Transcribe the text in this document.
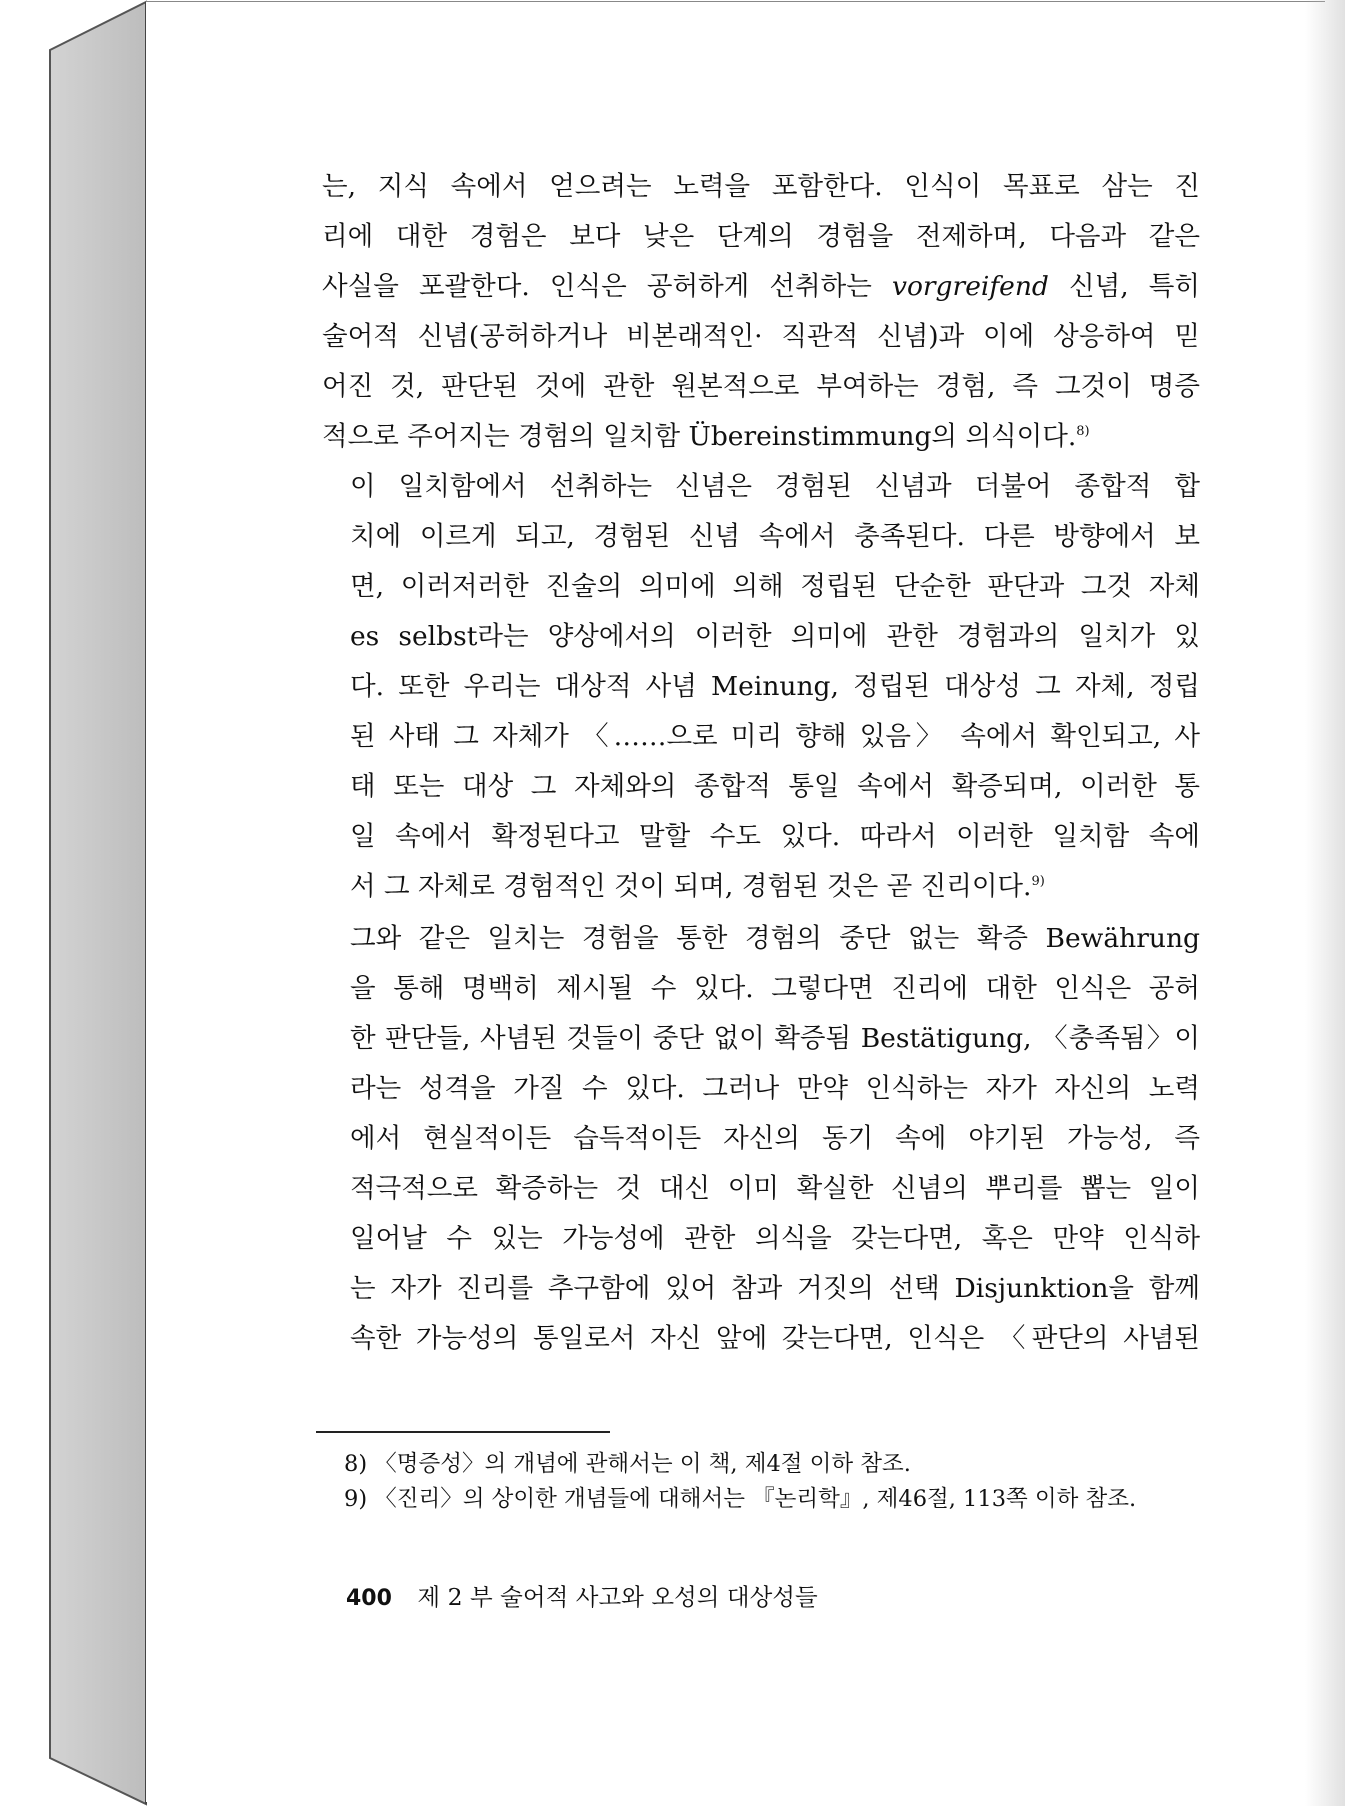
는, 지식 속에서 얻으려는 노력을 포함한다. 인식이 목표로 삼는 진
리에 대한 경험은 보다 낮은 단계의 경험을 전제하며, 다음과 같은
사실을 포괄한다. 인식은 공허하게 선취하는 vorgreifend 신념, 특히
술어적 신념(공허하거나 비본래적인· 직관적 신념)과 이에 상응하여 믿
어진 것, 판단된 것에 관한 원본적으로 부여하는 경험, 즉 그것이 명증
적으로 주어지는 경험의 일치함 Übereinstimmung의 의식이다.$^{8)}$
이 일치함에서 선취하는 신념은 경험된 신념과 더불어 종합적 합
치에 이르게 되고, 경험된 신념 속에서 충족된다. 다른 방향에서 보
면, 이러저러한 진술의 의미에 의해 정립된 단순한 판단과 그것 자체
es selbst라는 양상에서의 이러한 의미에 관한 경험과의 일치가 있
다. 또한 우리는 대상적 사념 Meinung, 정립된 대상성 그 자체, 정립
된 사태 그 자체가 〈……으로 미리 향해 있음〉 속에서 확인되고, 사
태 또는 대상 그 자체와의 종합적 통일 속에서 확증되며, 이러한 통
일 속에서 확정된다고 말할 수도 있다. 따라서 이러한 일치함 속에
서 그 자체로 경험적인 것이 되며, 경험된 것은 곧 진리이다.$^{9)}$
그와 같은 일치는 경험을 통한 경험의 중단 없는 확증 Bewährung
을 통해 명백히 제시될 수 있다. 그렇다면 진리에 대한 인식은 공허
한 판단들, 사념된 것들이 중단 없이 확증됨 Bestätigung, 〈충족됨〉이
라는 성격을 가질 수 있다. 그러나 만약 인식하는 자가 자신의 노력
에서 현실적이든 습득적이든 자신의 동기 속에 야기된 가능성, 즉
적극적으로 확증하는 것 대신 이미 확실한 신념의 뿌리를 뽑는 일이
일어날 수 있는 가능성에 관한 의식을 갖는다면, 혹은 만약 인식하
는 자가 진리를 추구함에 있어 참과 거짓의 선택 Disjunktion을 함께
속한 가능성의 통일로서 자신 앞에 갖는다면, 인식은 〈판단의 사념된
8) 〈명증성〉의 개념에 관해서는 이 책, 제4절 이하 참조.
9) 〈진리〉의 상이한 개념들에 대해서는 『논리학』, 제46절, 113쪽 이하 참조.
400 제 2 부 술어적 사고와 오성의 대상성들
